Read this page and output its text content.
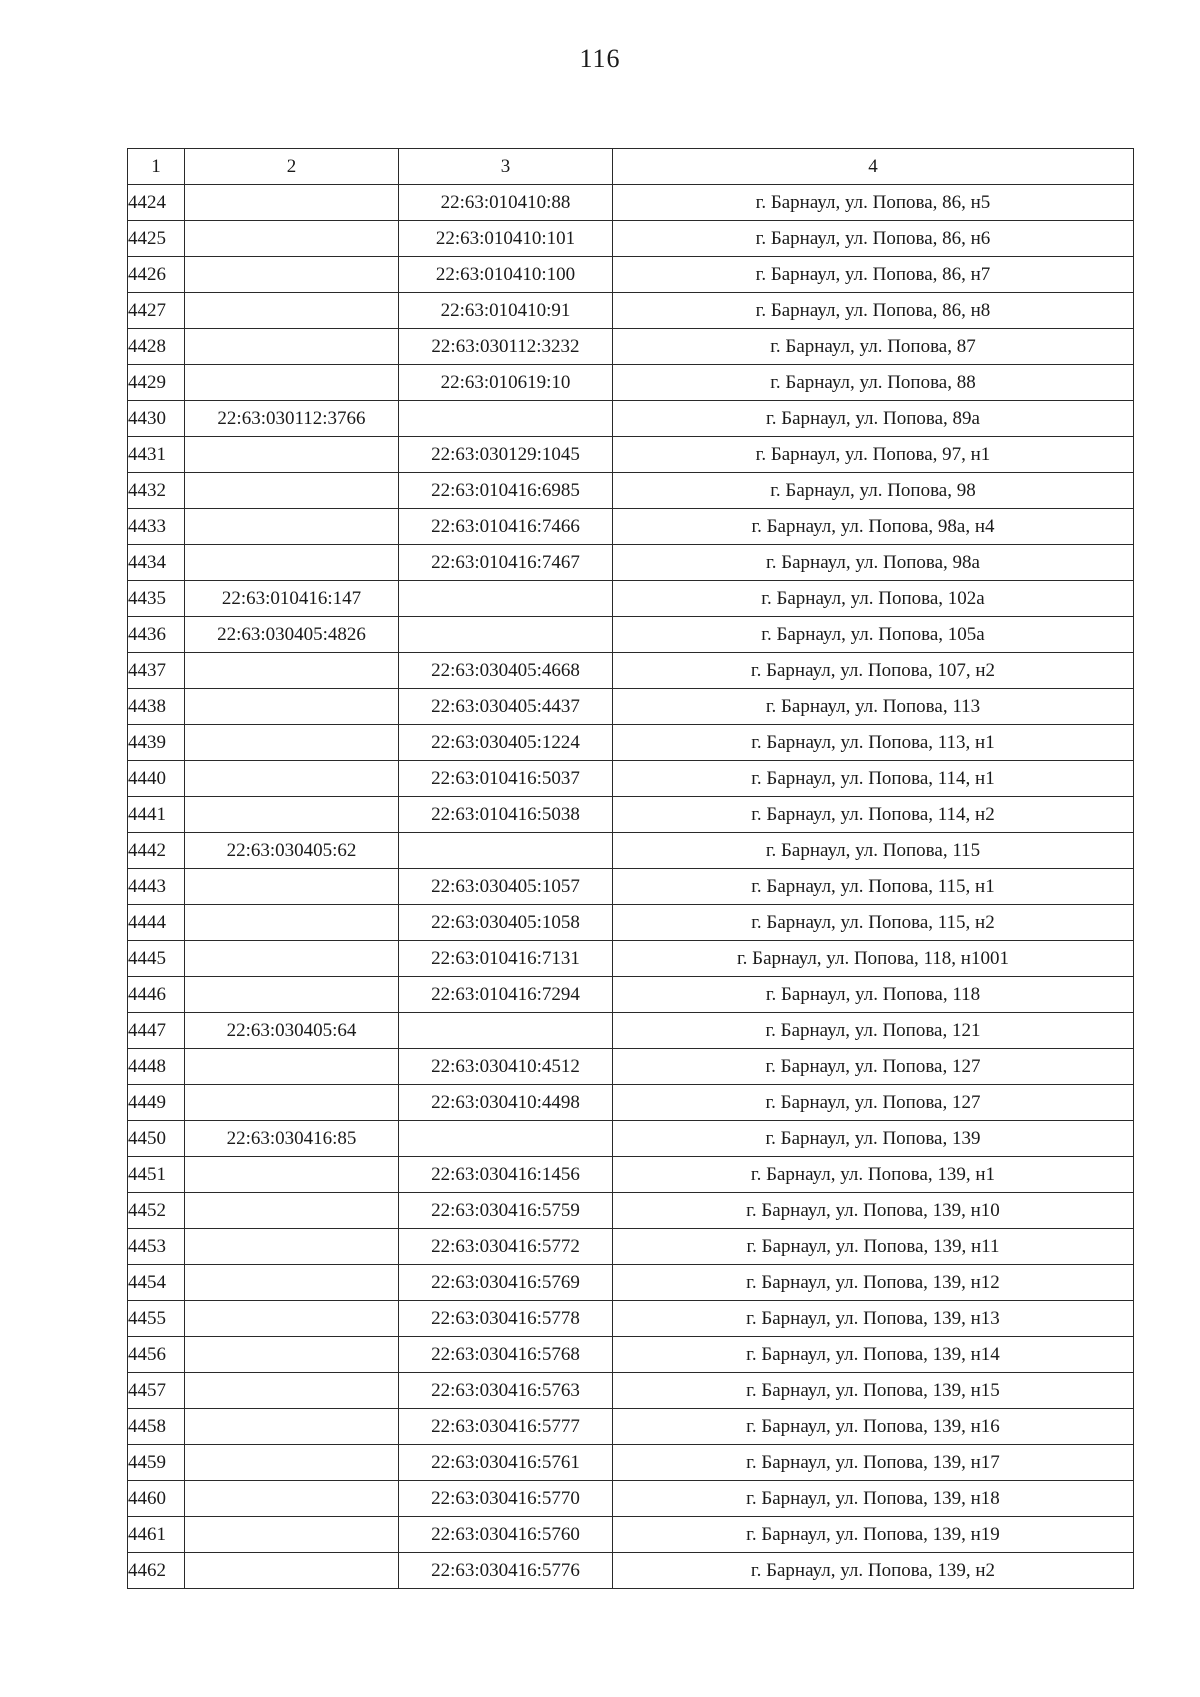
116
1	2	3	4
4424		22:63:010410:88	г. Барнаул, ул. Попова, 86, н5
4425		22:63:010410:101	г. Барнаул, ул. Попова, 86, н6
4426		22:63:010410:100	г. Барнаул, ул. Попова, 86, н7
4427		22:63:010410:91	г. Барнаул, ул. Попова, 86, н8
4428		22:63:030112:3232	г. Барнаул, ул. Попова, 87
4429		22:63:010619:10	г. Барнаул, ул. Попова, 88
4430	22:63:030112:3766		г. Барнаул, ул. Попова, 89а
4431		22:63:030129:1045	г. Барнаул, ул. Попова, 97, н1
4432		22:63:010416:6985	г. Барнаул, ул. Попова, 98
4433		22:63:010416:7466	г. Барнаул, ул. Попова, 98а, н4
4434		22:63:010416:7467	г. Барнаул, ул. Попова, 98а
4435	22:63:010416:147		г. Барнаул, ул. Попова, 102а
4436	22:63:030405:4826		г. Барнаул, ул. Попова, 105а
4437		22:63:030405:4668	г. Барнаул, ул. Попова, 107, н2
4438		22:63:030405:4437	г. Барнаул, ул. Попова, 113
4439		22:63:030405:1224	г. Барнаул, ул. Попова, 113, н1
4440		22:63:010416:5037	г. Барнаул, ул. Попова, 114, н1
4441		22:63:010416:5038	г. Барнаул, ул. Попова, 114, н2
4442	22:63:030405:62		г. Барнаул, ул. Попова, 115
4443		22:63:030405:1057	г. Барнаул, ул. Попова, 115, н1
4444		22:63:030405:1058	г. Барнаул, ул. Попова, 115, н2
4445		22:63:010416:7131	г. Барнаул, ул. Попова, 118, н1001
4446		22:63:010416:7294	г. Барнаул, ул. Попова, 118
4447	22:63:030405:64		г. Барнаул, ул. Попова, 121
4448		22:63:030410:4512	г. Барнаул, ул. Попова, 127
4449		22:63:030410:4498	г. Барнаул, ул. Попова, 127
4450	22:63:030416:85		г. Барнаул, ул. Попова, 139
4451		22:63:030416:1456	г. Барнаул, ул. Попова, 139, н1
4452		22:63:030416:5759	г. Барнаул, ул. Попова, 139, н10
4453		22:63:030416:5772	г. Барнаул, ул. Попова, 139, н11
4454		22:63:030416:5769	г. Барнаул, ул. Попова, 139, н12
4455		22:63:030416:5778	г. Барнаул, ул. Попова, 139, н13
4456		22:63:030416:5768	г. Барнаул, ул. Попова, 139, н14
4457		22:63:030416:5763	г. Барнаул, ул. Попова, 139, н15
4458		22:63:030416:5777	г. Барнаул, ул. Попова, 139, н16
4459		22:63:030416:5761	г. Барнаул, ул. Попова, 139, н17
4460		22:63:030416:5770	г. Барнаул, ул. Попова, 139, н18
4461		22:63:030416:5760	г. Барнаул, ул. Попова, 139, н19
4462		22:63:030416:5776	г. Барнаул, ул. Попова, 139, н2
